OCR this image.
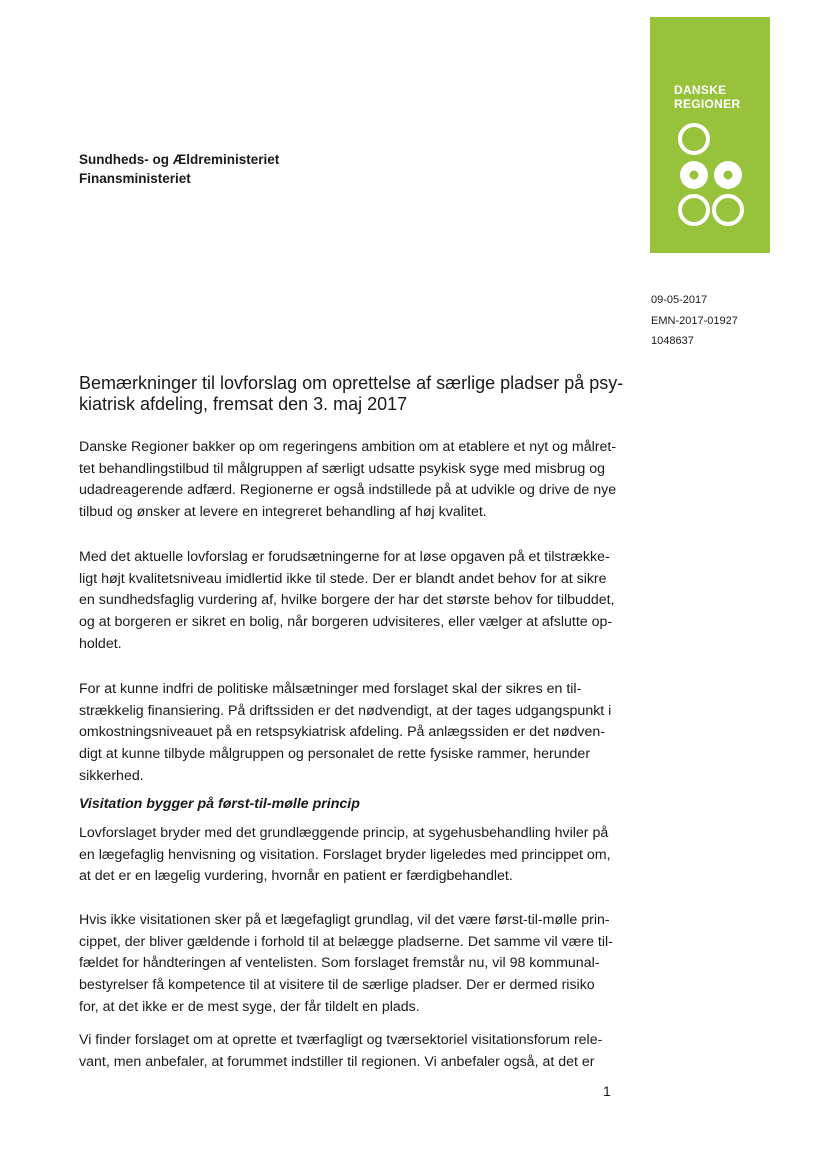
DANSKE
REGIONER
Sundheds- og Ældreministeriet
Finansministeriet
09-05-2017
EMN-2017-01927
1048637
Bemærkninger til lovforslag om oprettelse af særlige pladser på psy-
kiatrisk afdeling, fremsat den 3. maj 2017
Danske Regioner bakker op om regeringens ambition om at etablere et nyt og målret-
tet behandlingstilbud til målgruppen af særligt udsatte psykisk syge med misbrug og
udadreagerende adfærd. Regionerne er også indstillede på at udvikle og drive de nye
tilbud og ønsker at levere en integreret behandling af høj kvalitet.
Med det aktuelle lovforslag er forudsætningerne for at løse opgaven på et tilstrække-
ligt højt kvalitetsniveau imidlertid ikke til stede. Der er blandt andet behov for at sikre
en sundhedsfaglig vurdering af, hvilke borgere der har det største behov for tilbuddet,
og at borgeren er sikret en bolig, når borgeren udvisiteres, eller vælger at afslutte op-
holdet.
For at kunne indfri de politiske målsætninger med forslaget skal der sikres en til-
strækkelig finansiering. På driftssiden er det nødvendigt, at der tages udgangspunkt i
omkostningsniveauet på en retspsykiatrisk afdeling. På anlægssiden er det nødven-
digt at kunne tilbyde målgruppen og personalet de rette fysiske rammer, herunder
sikkerhed.
Visitation bygger på først-til-mølle princip
Lovforslaget bryder med det grundlæggende princip, at sygehusbehandling hviler på
en lægefaglig henvisning og visitation. Forslaget bryder ligeledes med princippet om,
at det er en lægelig vurdering, hvornår en patient er færdigbehandlet.
Hvis ikke visitationen sker på et lægefagligt grundlag, vil det være først-til-mølle prin-
cippet, der bliver gældende i forhold til at belægge pladserne. Det samme vil være til-
fældet for håndteringen af ventelisten. Som forslaget fremstår nu, vil 98 kommunal-
bestyrelser få kompetence til at visitere til de særlige pladser. Der er dermed risiko
for, at det ikke er de mest syge, der får tildelt en plads.
Vi finder forslaget om at oprette et tværfagligt og tværsektoriel visitationsforum rele-
vant, men anbefaler, at forummet indstiller til regionen. Vi anbefaler også, at det er
1
